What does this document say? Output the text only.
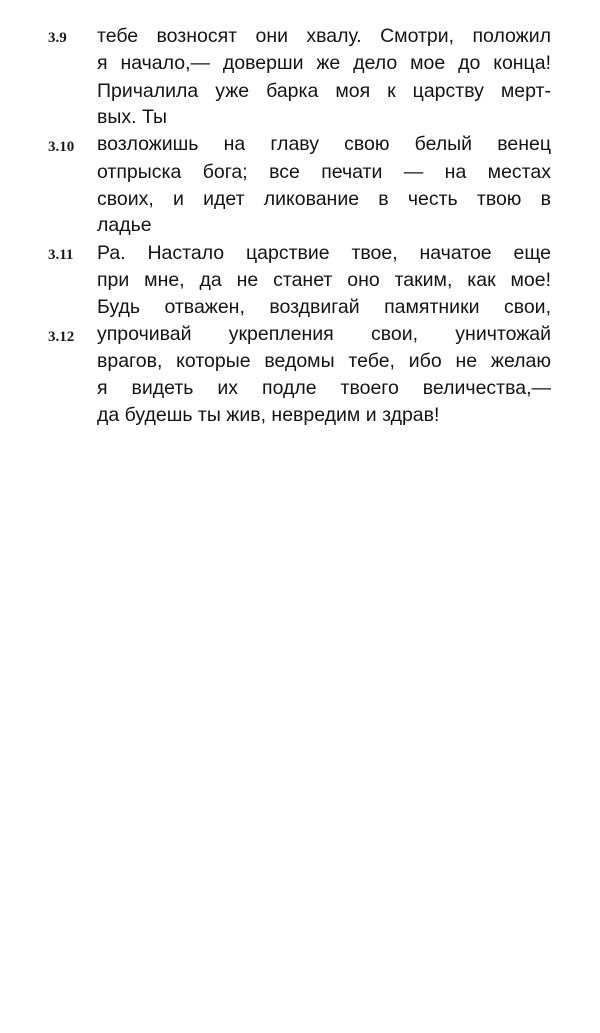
3.9 тебе возносят они хвалу. Смотри, положил
я начало,— доверши же дело мое до конца!
Причалила уже барка моя к царству мерт-
вых. Ты
3.10 возложишь на главу свою белый венец
отпрыска бога; все печати — на местах
своих, и идет ликование в честь твою в
ладье
3.11 Ра. Настало царствие твое, начатое еще
при мне, да не станет оно таким, как мое!
Будь отважен, воздвигай памятники свои,
3.12 упрочивай укрепления свои, уничтожай
врагов, которые ведомы тебе, ибо не желаю
я видеть их подле твоего величества,—
да будешь ты жив, невредим и здрав!
